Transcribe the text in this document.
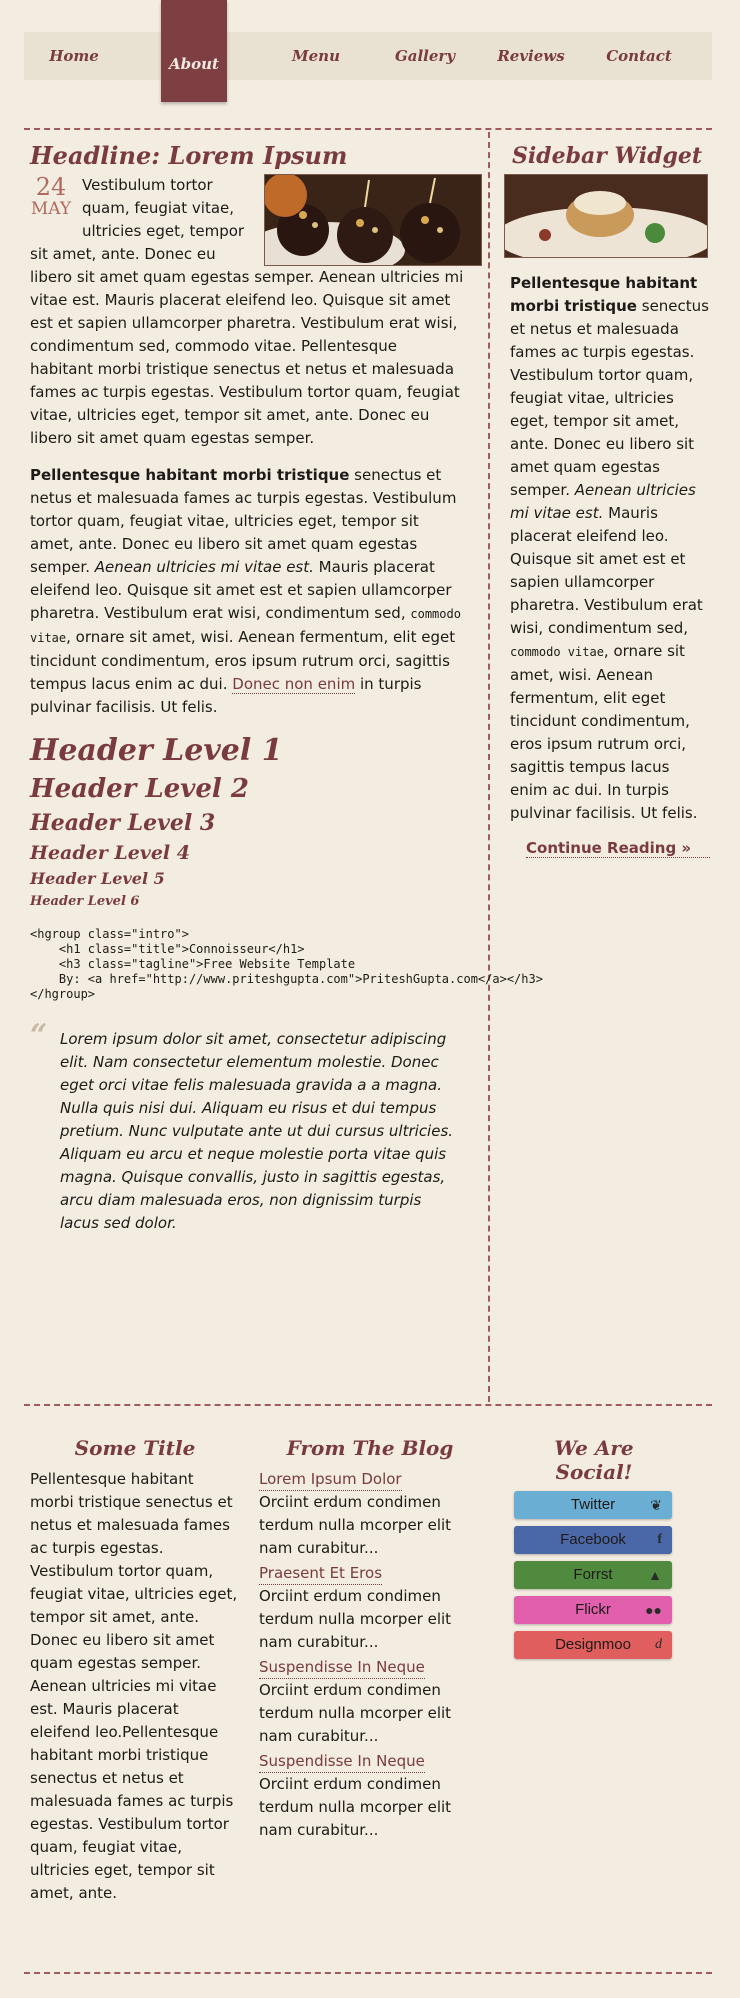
Home	Menu	Gallery	Reviews	Contact
About
Headline: Lorem Ipsum
24
MAY

Vestibulum tortor quam, feugiat vitae, ultricies eget, tempor sit amet, ante. Donec eu libero sit amet quam egestas semper. Aenean ultricies mi vitae est. Mauris placerat eleifend leo. Quisque sit amet est et sapien ullamcorper pharetra. Vestibulum erat wisi, condimentum sed, commodo vitae. Pellentesque habitant morbi tristique senectus et netus et malesuada fames ac turpis egestas. Vestibulum tortor quam, feugiat vitae, ultricies eget, tempor sit amet, ante. Donec eu libero sit amet quam egestas semper.

Pellentesque habitant morbi tristique senectus et netus et malesuada fames ac turpis egestas. Vestibulum tortor quam, feugiat vitae, ultricies eget, tempor sit amet, ante. Donec eu libero sit amet quam egestas semper. Aenean ultricies mi vitae est. Mauris placerat eleifend leo. Quisque sit amet est et sapien ullamcorper pharetra. Vestibulum erat wisi, condimentum sed, commodo vitae, ornare sit amet, wisi. Aenean fermentum, elit eget tincidunt condimentum, eros ipsum rutrum orci, sagittis tempus lacus enim ac dui. Donec non enim in turpis pulvinar facilisis. Ut felis.

Header Level 1
Header Level 2
Header Level 3
Header Level 4
Header Level 5
Header Level 6
<hgroup class="intro">
<h1 class="title">Connoisseur</h1>
<h3 class="tagline">Free Website Template
By: <a href="http://www.priteshgupta.com">PriteshGupta.com</a></h3>
</hgroup>
“ Lorem ipsum dolor sit amet, consectetur adipiscing elit. Nam consectetur elementum molestie. Donec eget orci vitae felis malesuada gravida a a magna. Nulla quis nisi dui. Aliquam eu risus et dui tempus pretium. Nunc vulputate ante ut dui cursus ultricies. Aliquam eu arcu et neque molestie porta vitae quis magna. Quisque convallis, justo in sagittis egestas, arcu diam malesuada eros, non dignissim turpis lacus sed dolor.
Sidebar Widget

Pellentesque habitant morbi tristique senectus et netus et malesuada fames ac turpis egestas. Vestibulum tortor quam, feugiat vitae, ultricies eget, tempor sit amet, ante. Donec eu libero sit amet quam egestas semper. Aenean ultricies mi vitae est. Mauris placerat eleifend leo. Quisque sit amet est et sapien ullamcorper pharetra. Vestibulum erat wisi, condimentum sed, commodo vitae, ornare sit amet, wisi. Aenean fermentum, elit eget tincidunt condimentum, eros ipsum rutrum orci, sagittis tempus lacus enim ac dui. In turpis pulvinar facilisis. Ut felis.

Continue Reading »
Some Title

Pellentesque habitant morbi tristique senectus et netus et malesuada fames ac turpis egestas. Vestibulum tortor quam, feugiat vitae, ultricies eget, tempor sit amet, ante. Donec eu libero sit amet quam egestas semper. Aenean ultricies mi vitae est. Mauris placerat eleifend leo.Pellentesque habitant morbi tristique senectus et netus et malesuada fames ac turpis egestas. Vestibulum tortor quam, feugiat vitae, ultricies eget, tempor sit amet, ante.

From The Blog
Lorem Ipsum Dolor

Orciint erdum condimen terdum nulla mcorper elit nam curabitur...

Praesent Et Eros

Orciint erdum condimen terdum nulla mcorper elit nam curabitur...

Suspendisse In Neque

Orciint erdum condimen terdum nulla mcorper elit nam curabitur...

Suspendisse In Neque

Orciint erdum condimen terdum nulla mcorper elit nam curabitur...

We Are Social!
Twitter	❦
Facebook f
Forrst	▲
Flickr ●●
Designmoo d
